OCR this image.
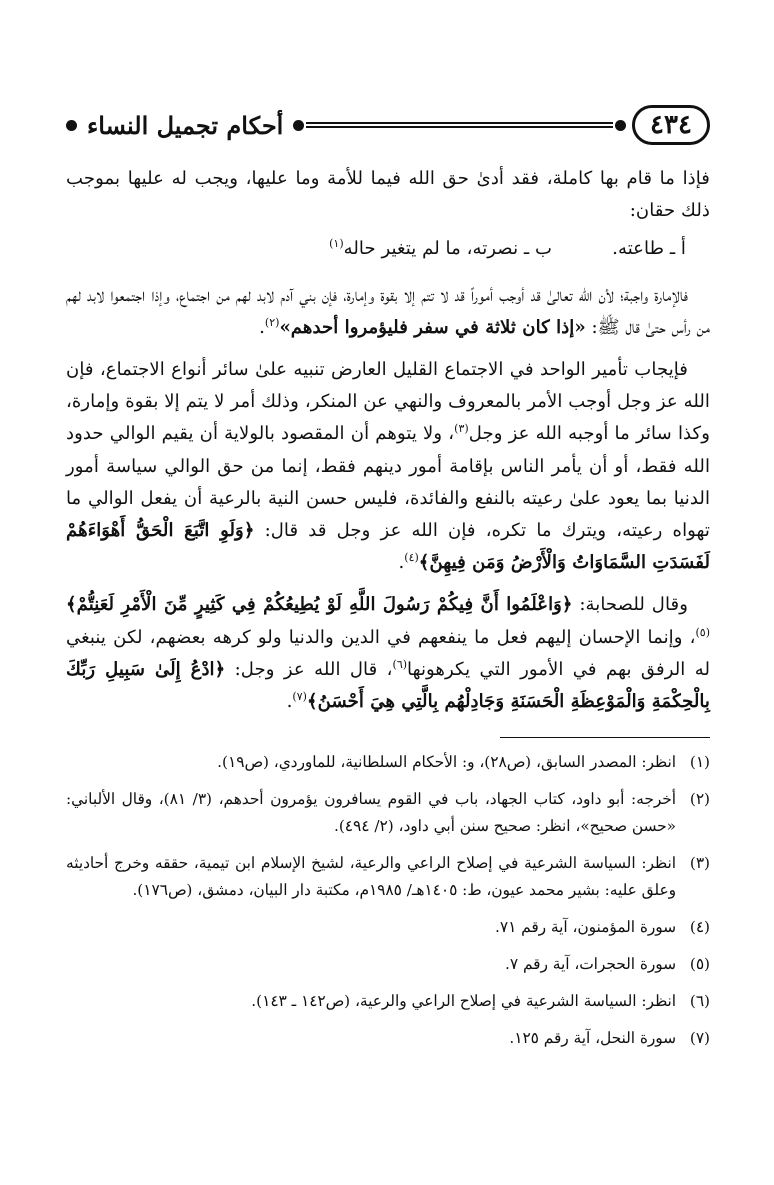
٤٣٤
أحكام تجميل النساء

فإذا ما قام بها كاملة، فقد أدىٰ حق الله فيما للأمة وما عليها، ويجب له عليها بموجب ذلك حقان:

أ ـ طاعته.ب ـ نصرته، ما لم يتغير حاله$^{(١)}$

فالإمارة واجبة؛ لأن الله تعالىٰ قد أوجب أموراً قد لا تتم إلا بقوة وإمارة، فإن بني آدم لابد لهم من اجتماع، وإذا اجتمعوا لابد لهم من رأس حتىٰ قال ﷺ: «إذا كان ثلاثة في سفر فليؤمروا أحدهم»$^{(٢)}$.

فإيجاب تأمير الواحد في الاجتماع القليل العارض تنبيه علىٰ سائر أنواع الاجتماع، فإن الله عز وجل أوجب الأمر بالمعروف والنهي عن المنكر، وذلك أمر لا يتم إلا بقوة وإمارة، وكذا سائر ما أوجبه الله عز وجل$^{(٣)}$، ولا يتوهم أن المقصود بالولاية أن يقيم الوالي حدود الله فقط، أو أن يأمر الناس بإقامة أمور دينهم فقط، إنما من حق الوالي سياسة أمور الدنيا بما يعود علىٰ رعيته بالنفع والفائدة، فليس حسن النية بالرعية أن يفعل الوالي ما تهواه رعيته، ويترك ما تكره، فإن الله عز وجل قد قال: ﴿وَلَوِ اتَّبَعَ الْحَقُّ أَهْوَاءَهُمْ لَفَسَدَتِ السَّمَاوَاتُ وَالْأَرْضُ وَمَن فِيهِنَّ﴾$^{(٤)}$.

وقال للصحابة: ﴿وَاعْلَمُوا أَنَّ فِيكُمْ رَسُولَ اللَّهِ لَوْ يُطِيعُكُمْ فِي كَثِيرٍ مِّنَ الْأَمْرِ لَعَنِتُّمْ﴾$^{(٥)}$، وإنما الإحسان إليهم فعل ما ينفعهم في الدين والدنيا ولو كرهه بعضهم، لكن ينبغي له الرفق بهم في الأمور التي يكرهونها$^{(٦)}$، قال الله عز وجل: ﴿ادْعُ إِلَىٰ سَبِيلِ رَبِّكَ بِالْحِكْمَةِ وَالْمَوْعِظَةِ الْحَسَنَةِ وَجَادِلْهُم بِالَّتِي هِيَ أَحْسَنُ﴾$^{(٧)}$.

(١)
انظر: المصدر السابق، (ص٢٨)، و: الأحكام السلطانية، للماوردي، (ص١٩).
(٢)
أخرجه: أبو داود، كتاب الجهاد، باب في القوم يسافرون يؤمرون أحدهم، (٣/ ٨١)، وقال الألباني: «حسن صحيح»، انظر: صحيح سنن أبي داود، (٢/ ٤٩٤).
(٣)
انظر: السياسة الشرعية في إصلاح الراعي والرعية، لشيخ الإسلام ابن تيمية، حققه وخرج أحاديثه وعلق عليه: بشير محمد عيون، ط: ١٤٠٥هـ/ ١٩٨٥م، مكتبة دار البيان، دمشق، (ص١٧٦).
(٤)
سورة المؤمنون، آية رقم ٧١.
(٥)
سورة الحجرات، آية رقم ٧.
(٦)
انظر: السياسة الشرعية في إصلاح الراعي والرعية، (ص١٤٢ ـ ١٤٣).
(٧)
سورة النحل، آية رقم ١٢٥.
